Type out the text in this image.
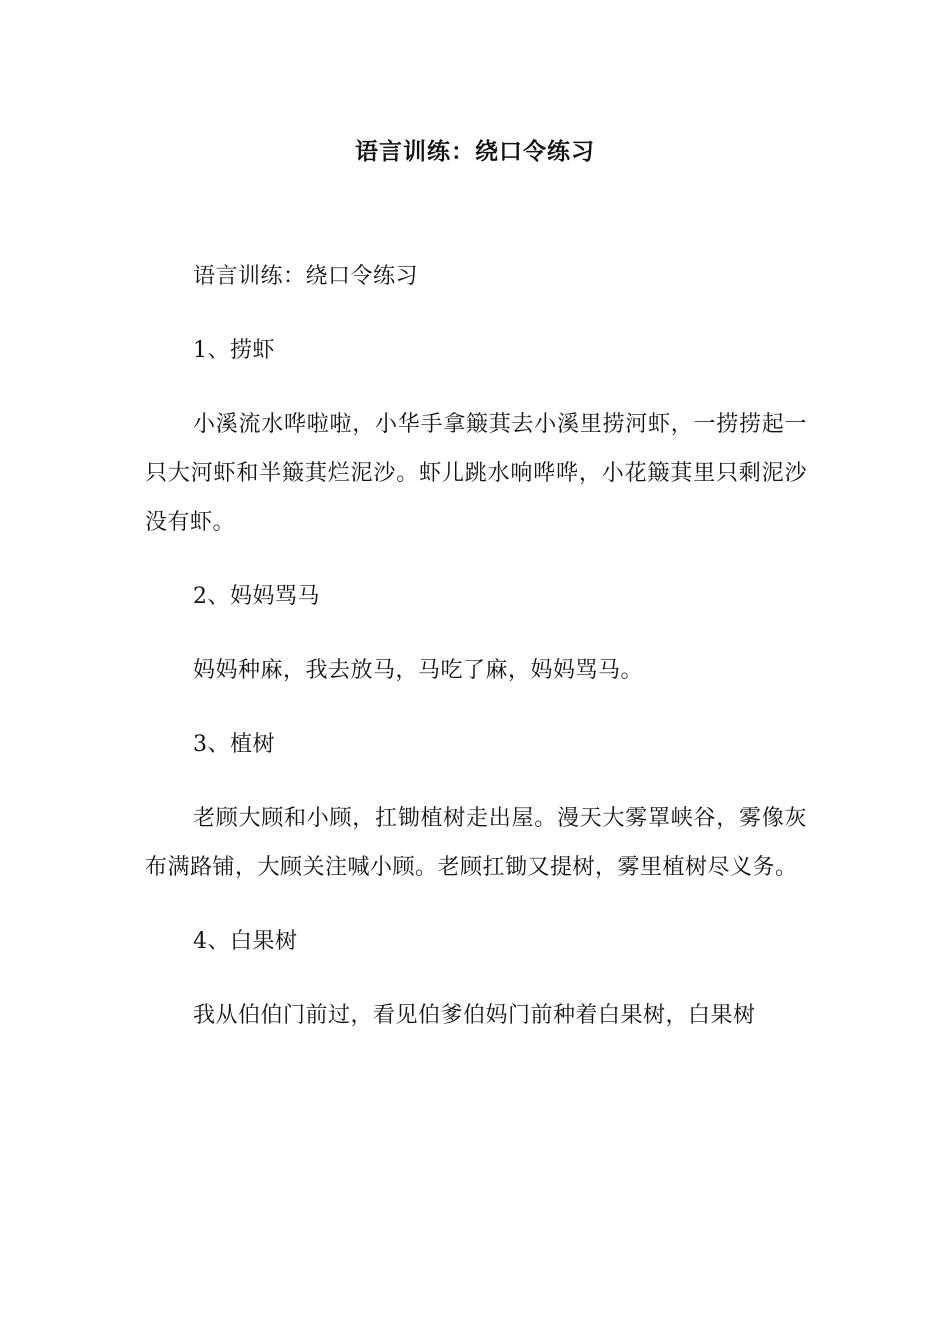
语言训练：绕口令练习

语言训练：绕口令练习

1、捞虾

小溪流水哗啦啦，小华手拿簸萁去小溪里捞河虾，一捞捞起一只大河虾和半簸萁烂泥沙。虾儿跳水响哗哗，小花簸萁里只剩泥沙没有虾。

2、妈妈骂马

妈妈种麻，我去放马，马吃了麻，妈妈骂马。

3、植树

老顾大顾和小顾，扛锄植树走出屋。漫天大雾罩峡谷，雾像灰布满路铺，大顾关注喊小顾。老顾扛锄又提树，雾里植树尽义务。

4、白果树

我从伯伯门前过，看见伯爹伯妈门前种着白果树，白果树
